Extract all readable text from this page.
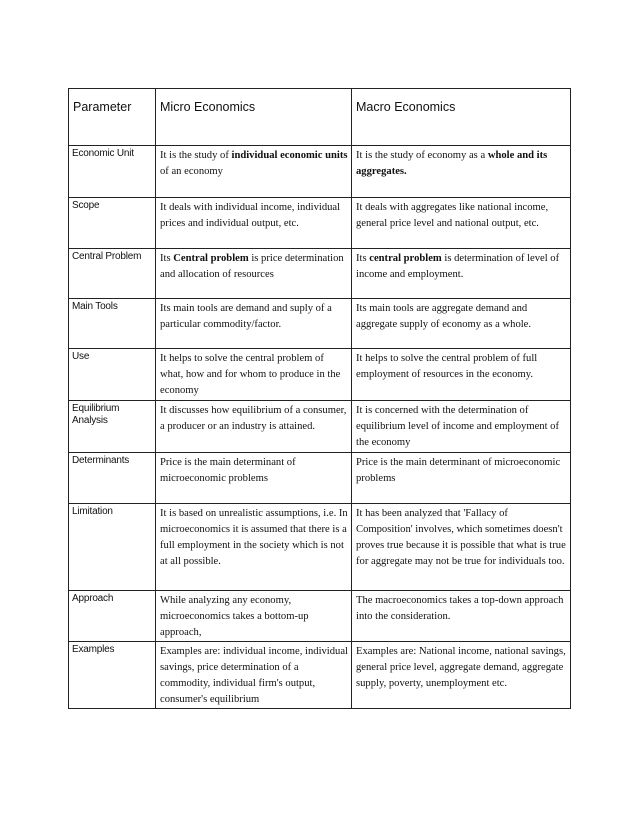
Parameter	Micro Economics	Macro Economics
Economic Unit	It is the study of individual economic units of an economy	It is the study of economy as a whole and its aggregates.
Scope	It deals with individual income, individual prices and individual output, etc.	It deals with aggregates like national income, general price level and national output, etc.
Central Problem	Its Central problem is price determination and allocation of resources	Its central problem is determination of level of income and employment.
Main Tools	Its main tools are demand and suply of a particular commodity/factor.	Its main tools are aggregate demand and aggregate supply of economy as a whole.
Use	It helps to solve the central problem of what, how and for whom to produce in the economy	It helps to solve the central problem of full employment of resources in the economy.
Equilibrium Analysis	It discusses how equilibrium of a consumer, a producer or an industry is attained.	It is concerned with the determination of equilibrium level of income and employment of the economy
Determinants	Price is the main determinant of microeconomic problems	Price is the main determinant of microeconomic problems
Limitation	It is based on unrealistic assumptions, i.e. In microeconomics it is assumed that there is a full employment in the society which is not at all possible.	It has been analyzed that 'Fallacy of Composition' involves, which sometimes doesn't proves true because it is possible that what is true for aggregate may not be true for individuals too.
Approach	While analyzing any economy, microeconomics takes a bottom-up approach,	The macroeconomics takes a top-down approach into the consideration.
Examples	Examples are: individual income, individual savings, price determination of a commodity, individual firm's output, consumer's equilibrium	Examples are: National income, national savings, general price level, aggregate demand, aggregate supply, poverty, unemployment etc.
